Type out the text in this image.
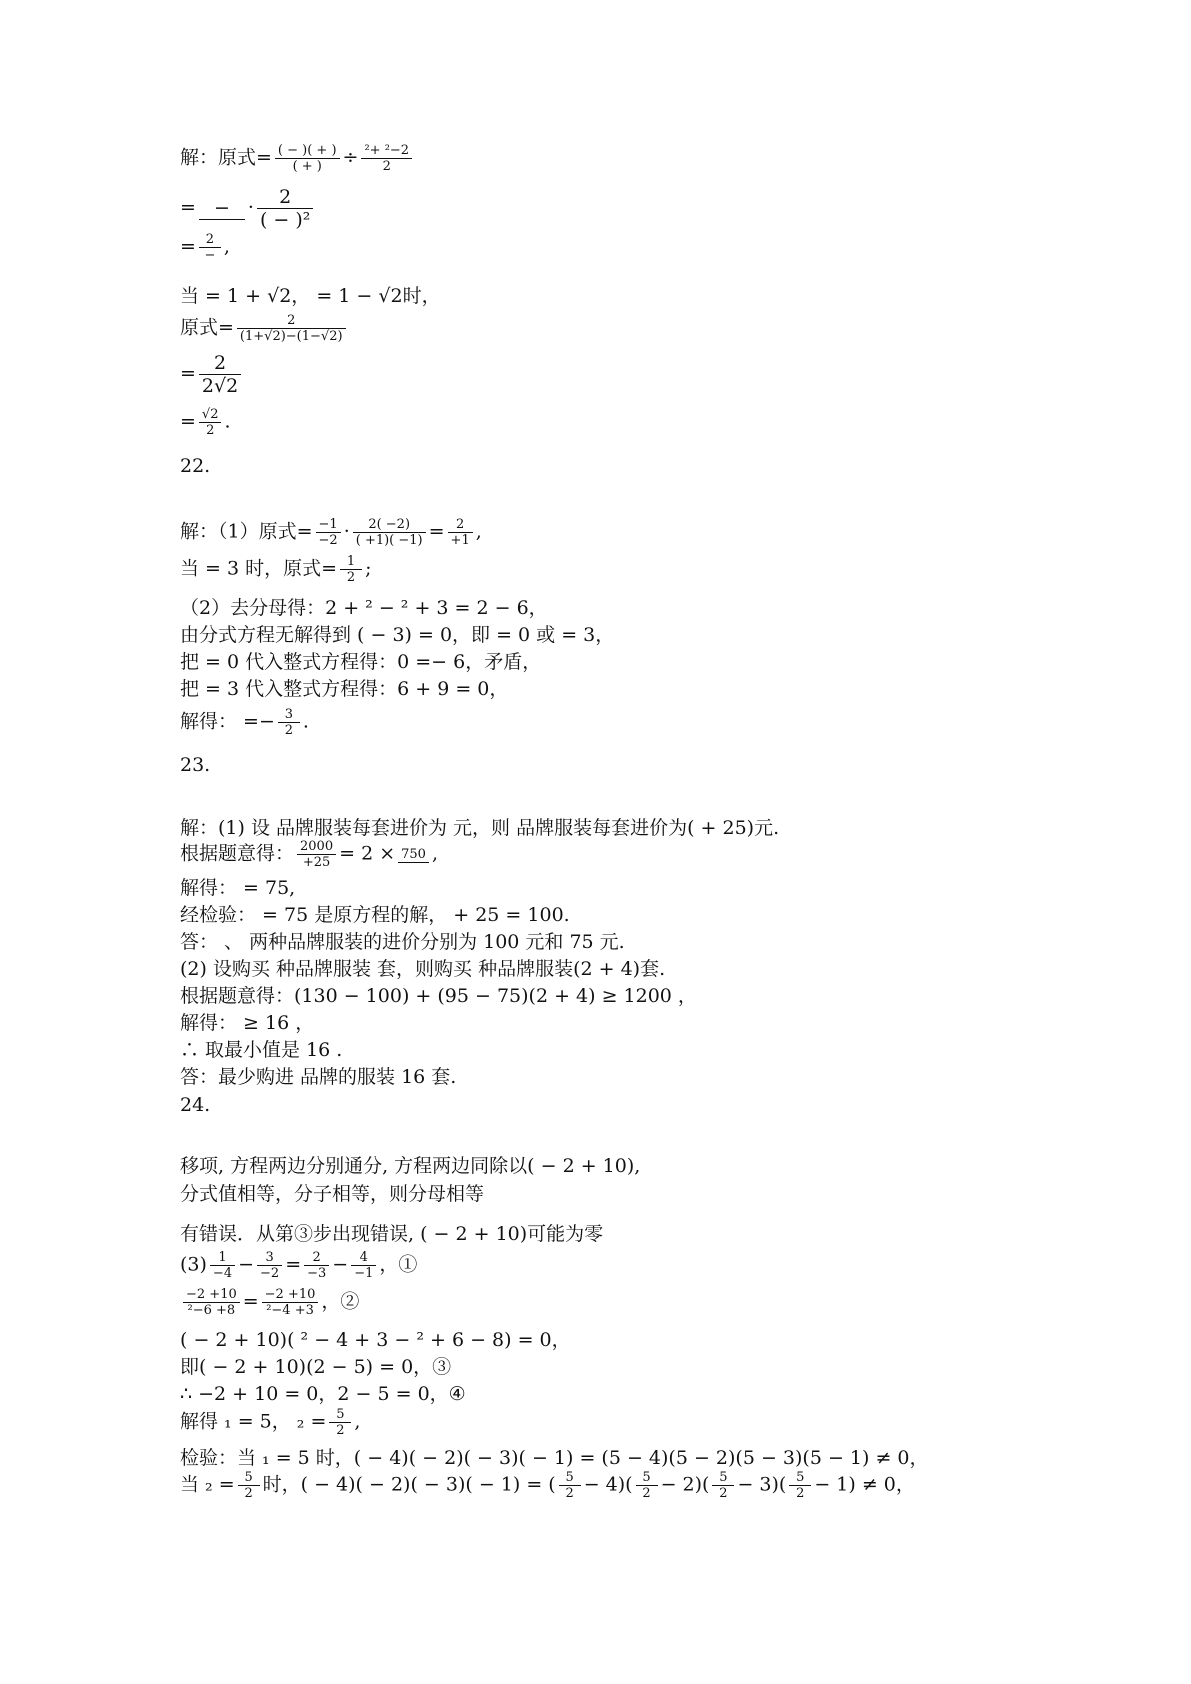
解：原式= $\frac{( - )( + )}{( + )} \div \frac{\text{²+ ²−2}}{2}$
= − · $\frac{2}{\text{( − )²}}$
= $\frac{2}{-}$ ,
当 = 1 + √2， = 1 − √2时，
原式= $\frac{2}{(1+√2)-(1-√2)}$
= $\frac{2}{2√2}$
= $\frac{√2}{2}$ .
22.
解：（1）原式= $\frac{-1}{-2} \cdot \frac{2( -2)}{( +1)( -1)} = \frac{2}{+1}$ ,
当 = 3 时，原式= $\frac{1}{2}$ ;
（2）去分母得：2 + ² − ² + 3 = 2 − 6，
由分式方程无解得到 ( − 3) = 0，即 = 0 或 = 3，
把 = 0 代入整式方程得：0 =− 6，矛盾，
把 = 3 代入整式方程得：6 + 9 = 0，
解得： =− $\frac{3}{2}$ .
23.
解：(1) 设 品牌服装每套进价为 元，则 品牌服装每套进价为( + 25)元.
根据题意得： $\frac{2000}{+25} = 2 \times 750$ ,
解得： = 75,
经检验： = 75 是原方程的解， + 25 = 100.
答： 、 两种品牌服装的进价分别为 100 元和 75 元.
(2) 设购买 种品牌服装 套，则购买 种品牌服装(2 + 4)套.
根据题意得：(130 − 100) + (95 − 75)(2 + 4) ≥ 1200 ，
解得： ≥ 16 ，
∴ 取最小值是 16 .
答：最少购进 品牌的服装 16 套.
24.
移项, 方程两边分别通分, 方程两边同除以( − 2 + 10),
分式值相等，分子相等，则分母相等
有错误．从第③步出现错误, ( − 2 + 10)可能为零
$(3) \frac{1}{-4} - \frac{3}{-2} = \frac{2}{-3} - \frac{4}{-1}$ ，①
$\frac{-2 +10}{\text{²−6 +8}} = \frac{-2 +10}{\text{²−4 +3}}$ ，②
( − 2 + 10)( ² − 4 + 3 − ² + 6 − 8) = 0，
即( − 2 + 10)(2 − 5) = 0，③
∴ −2 + 10 = 0，2 − 5 = 0，④
解得 ₁ = 5， $_2 = \frac{5}{2}$ ,
检验：当 ₁ = 5 时，( − 4)( − 2)( − 3)( − 1) = (5 − 4)(5 − 2)(5 − 3)(5 − 1) ≠ 0，
当 $_2 = \frac{5}{2}$ 时，( − 4)( − 2)( − 3)( − 1) = ( $\frac{5}{2} - 4)( \frac{5}{2} - 2)( \frac{5}{2} - 3)( \frac{5}{2} - 1) \ne 0$，
